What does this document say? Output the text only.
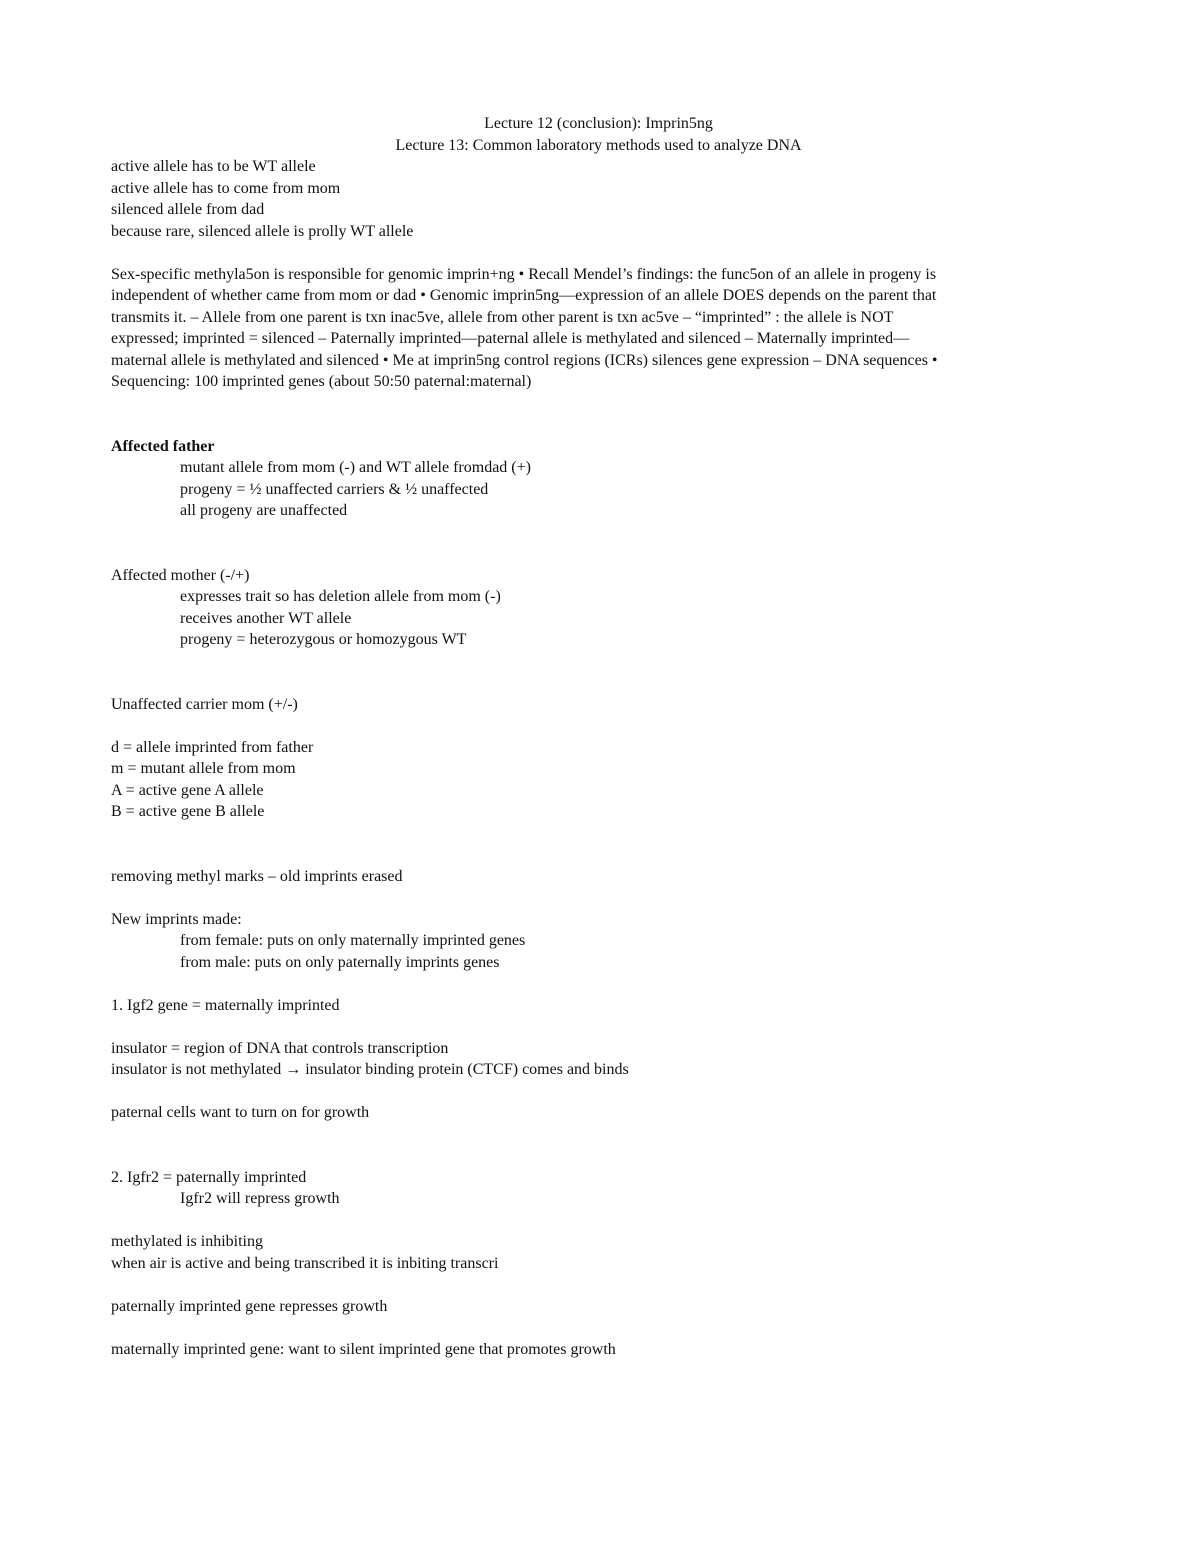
Lecture 12 (conclusion): Imprin5ng
Lecture 13: Common laboratory methods used to analyze DNA
active allele has to be WT allele
active allele has to come from mom
silenced allele from dad
because rare, silenced allele is prolly WT allele
Sex-specific methyla5on is responsible for genomic imprin+ng • Recall Mendel’s findings: the func5on of an allele in progeny is
independent of whether came from mom or dad • Genomic imprin5ng—expression of an allele DOES depends on the parent that
transmits it. – Allele from one parent is txn inac5ve, allele from other parent is txn ac5ve – “imprinted” : the allele is NOT
expressed; imprinted = silenced – Paternally imprinted—paternal allele is methylated and silenced – Maternally imprinted—
maternal allele is methylated and silenced • Me at imprin5ng control regions (ICRs) silences gene expression – DNA sequences •
Sequencing: 100 imprinted genes (about 50:50 paternal:maternal)
Affected father
mutant allele from mom (-) and WT allele fromdad (+)
progeny = ½ unaffected carriers & ½ unaffected
all progeny are unaffected
Affected mother (-/+)
expresses trait so has deletion allele from mom (-)
receives another WT allele
progeny = heterozygous or homozygous WT
Unaffected carrier mom (+/-)
d = allele imprinted from father
m = mutant allele from mom
A = active gene A allele
B = active gene B allele
removing methyl marks – old imprints erased
New imprints made:
from female: puts on only maternally imprinted genes
from male: puts on only paternally imprints genes
1. Igf2 gene = maternally imprinted
insulator = region of DNA that controls transcription
insulator is not methylated → insulator binding protein (CTCF) comes and binds
paternal cells want to turn on for growth
2. Igfr2 = paternally imprinted
Igfr2 will repress growth
methylated is inhibiting
when air is active and being transcribed it is inbiting transcri
paternally imprinted gene represses growth
maternally imprinted gene: want to silent imprinted gene that promotes growth
